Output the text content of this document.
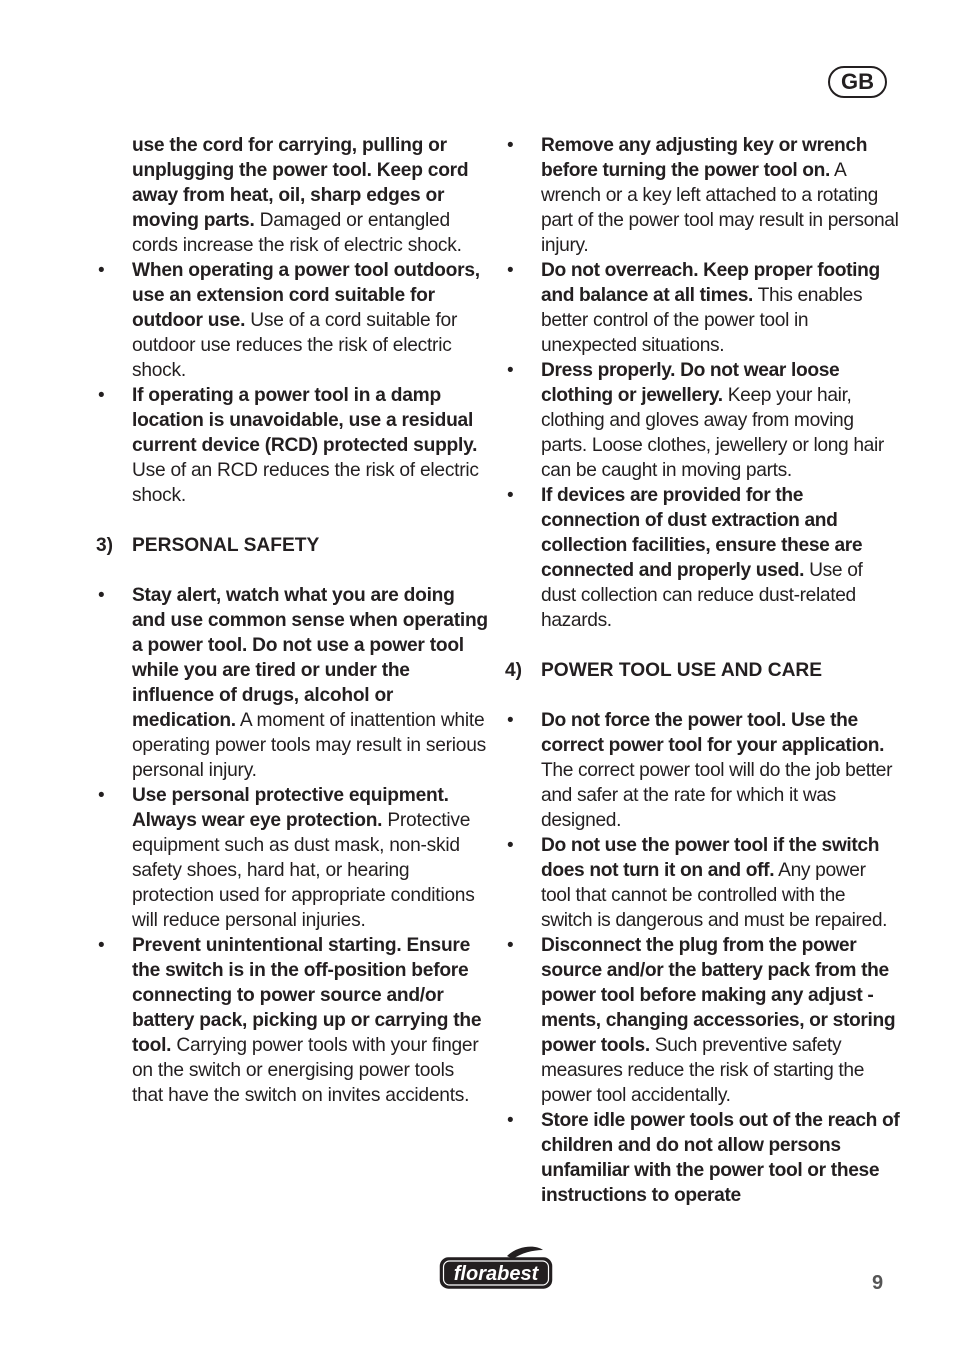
GB
use the cord for carrying, pulling or unplugging the power tool. Keep cord away from heat, oil, sharp edges or moving parts. Damaged or entangled cords increase the risk of electric shock.
• When operating a power tool outdoors, use an extension cord suitable for outdoor use. Use of a cord suitable for outdoor use reduces the risk of electric shock.
• If operating a power tool in a damp location is unavoidable, use a residual current device (RCD) protected supply. Use of an RCD reduces the risk of electric shock.
3) PERSONAL SAFETY
• Stay alert, watch what you are doing and use common sense when operating a power tool. Do not use a power tool while you are tired or under the influence of drugs, alcohol or medication. A moment of inattention white operating power tools may result in serious personal injury.
• Use personal protective equipment. Always wear eye protection. Protective equipment such as dust mask, non-skid safety shoes, hard hat, or hearing protection used for appropriate conditions will reduce personal injuries.
• Prevent unintentional starting. Ensure the switch is in the off-position before connecting to power source and/or battery pack, picking up or carrying the tool. Carrying power tools with your finger on the switch or energising power tools that have the switch on invites accidents.
• Remove any adjusting key or wrench before turning the power tool on. A wrench or a key left attached to a rotating part of the power tool may result in personal injury.
• Do not overreach. Keep proper footing and balance at all times. This enables better control of the power tool in unexpected situations.
• Dress properly. Do not wear loose clothing or jewellery. Keep your hair, clothing and gloves away from moving parts. Loose clothes, jewellery or long hair can be caught in moving parts.
• If devices are provided for the connection of dust extraction and collection facilities, ensure these are connected and properly used. Use of dust collection can reduce dust-related hazards.
4) POWER TOOL USE AND CARE
• Do not force the power tool. Use the correct power tool for your application. The correct power tool will do the job better and safer at the rate for which it was designed.
• Do not use the power tool if the switch does not turn it on and off. Any power tool that cannot be controlled with the switch is dangerous and must be repaired.
• Disconnect the plug from the power source and/or the battery pack from the power tool before making any adjust -ments, changing accessories, or storing power tools. Such preventive safety measures reduce the risk of starting the power tool accidentally.
• Store idle power tools out of the reach of children and do not allow persons unfamiliar with the power tool or these instructions to operate
florabest	9
